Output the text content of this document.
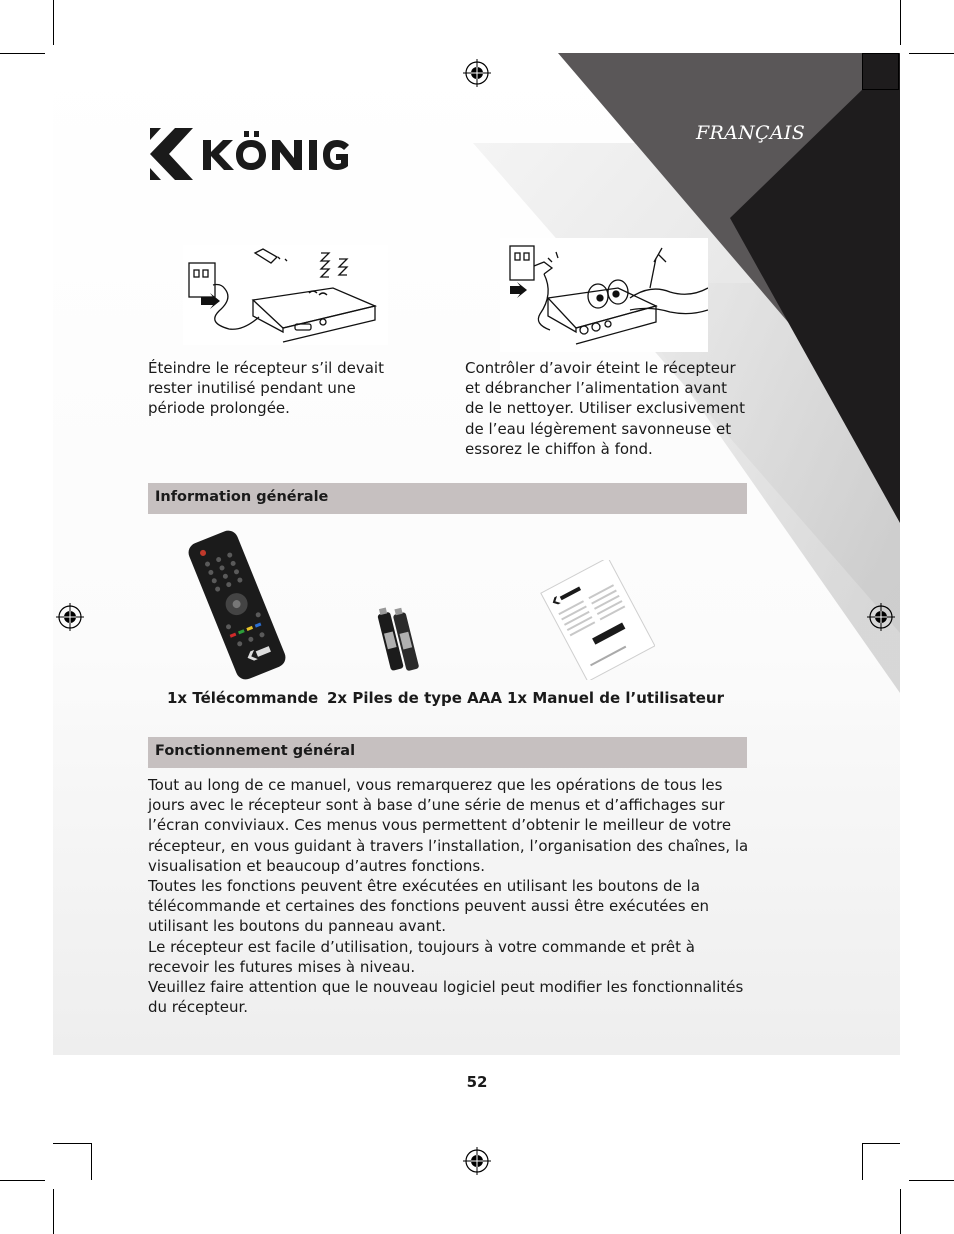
FRANÇAIS
Éteindre le récepteur s’il devait rester inutilisé pendant une période prolongée.
Contrôler d’avoir éteint le récepteur et débrancher l’alimentation avant de le nettoyer. Utiliser exclusivement de l’eau légèrement savonneuse et essorez le chiffon à fond.
Information générale
1x Télécommande 2x Piles de type AAA 1x Manuel de l’utilisateur
Fonctionnement général

Tout au long de ce manuel, vous remarquerez que les opérations de tous les jours avec le récepteur sont à base d’une série de menus et d’affichages sur l’écran conviviaux. Ces menus vous permettent d’obtenir le meilleur de votre récepteur, en vous guidant à travers l’installation, l’organisation des chaînes, la visualisation et beaucoup d’autres fonctions.

Toutes les fonctions peuvent être exécutées en utilisant les boutons de la télécommande et certaines des fonctions peuvent aussi être exécutées en utilisant les boutons du panneau avant.

Le récepteur est facile d’utilisation, toujours à votre commande et prêt à recevoir les futures mises à niveau.

Veuillez faire attention que le nouveau logiciel peut modifier les fonctionnalités du récepteur.

52
